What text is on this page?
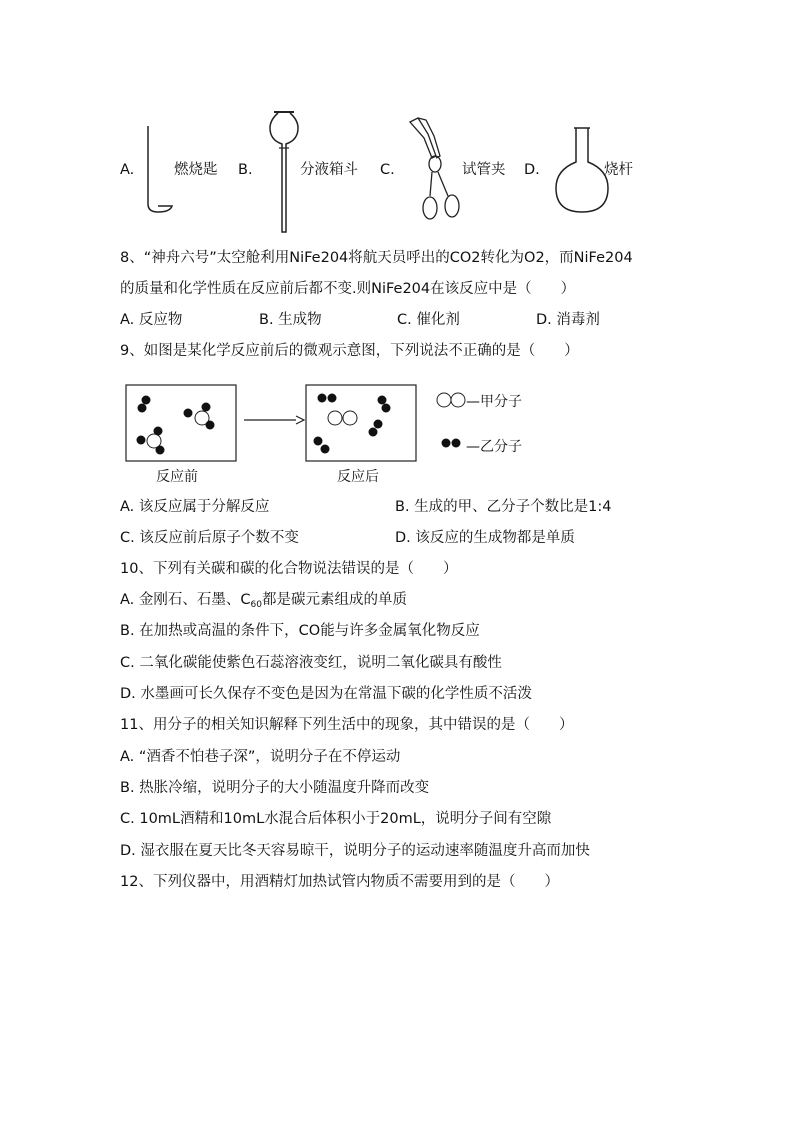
A.	燃烧匙 B.	分液箱斗 C.	试管夹 D.	烧杆
8、“神舟六号”太空舱利用NiFe204将航天员呼出的CO2转化为O2，而NiFe204
的质量和化学性质在反应前后都不变.则NiFe204在该反应中是（　　）
A. 反应物	B. 生成物	C. 催化剂	D. 消毒剂
9、如图是某化学反应前后的微观示意图，下列说法不正确的是（　　）
反应前	反应后
—甲分子
—乙分子
A. 该反应属于分解反应	B. 生成的甲、乙分子个数比是1:4
C. 该反应前后原子个数不变	D. 该反应的生成物都是单质
10、下列有关碳和碳的化合物说法错误的是（　　）
A. 金刚石、石墨、$C_{60}$都是碳元素组成的单质
B. 在加热或高温的条件下，CO能与许多金属氧化物反应
C. 二氧化碳能使紫色石蕊溶液变红，说明二氧化碳具有酸性
D. 水墨画可长久保存不变色是因为在常温下碳的化学性质不活泼
11、用分子的相关知识解释下列生活中的现象，其中错误的是（　　）
A. “酒香不怕巷子深”，说明分子在不停运动
B. 热胀冷缩，说明分子的大小随温度升降而改变
C. 10mL酒精和10mL水混合后体积小于20mL，说明分子间有空隙
D. 湿衣服在夏天比冬天容易晾干，说明分子的运动速率随温度升高而加快
12、下列仪器中，用酒精灯加热试管内物质不需要用到的是（　　）
